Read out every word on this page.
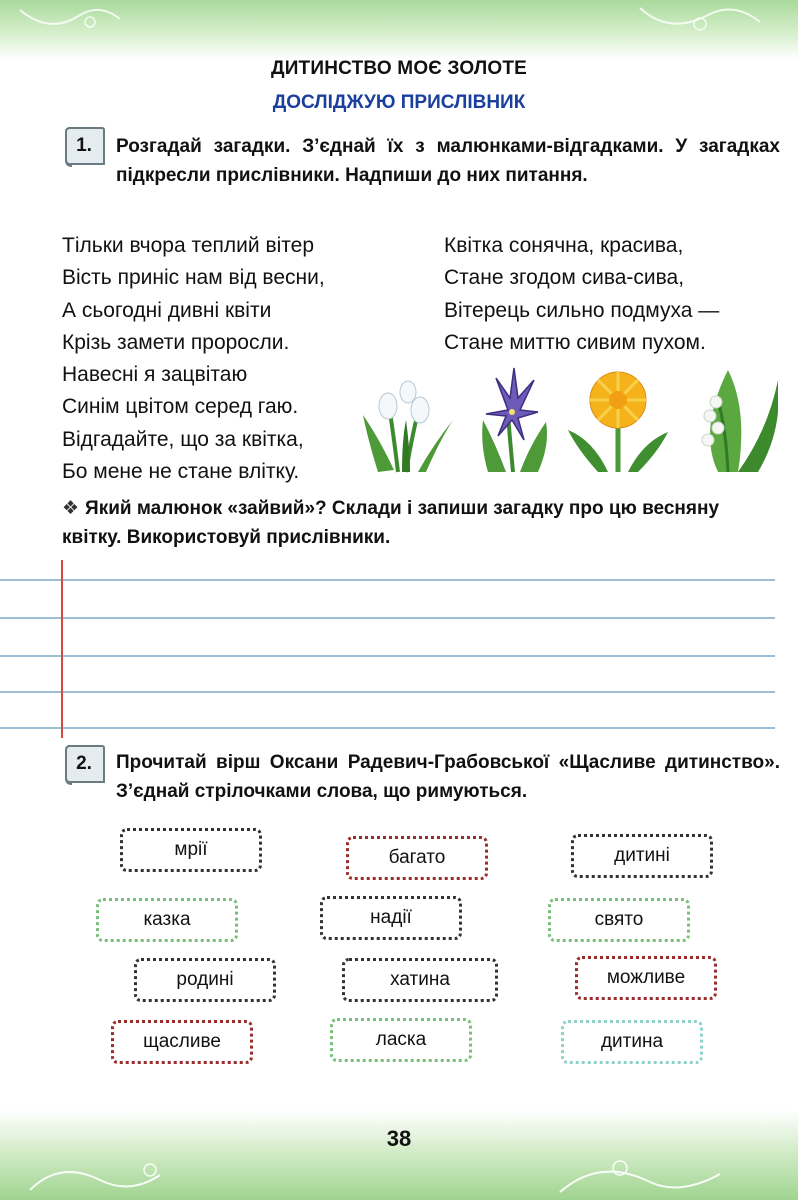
ДИТИНСТВО МОЄ ЗОЛОТЕ
ДОСЛІДЖУЮ ПРИСЛІВНИК
1.	Розгадай загадки. З’єднай їх з малюнками-відгадками. У загадках підкресли прислівники. Надпиши до них питання.
Тільки вчора теплий вітер
Вість приніс нам від весни,
А сьогодні дивні квіти
Крізь замети проросли.
Навесні я зацвітаю
Синім цвітом серед гаю.
Відгадайте, що за квітка,
Бо мене не стане влітку.
Квітка сонячна, красива,
Стане згодом сива-сива,
Вітерець сильно подмуха —
Стане миттю сивим пухом.
❖ Який малюнок «зайвий»? Склади і запиши загадку про цю весняну квітку. Використовуй прислівники.
2.	Прочитай вірш Оксани Радевич-Грабовської «Щасливе дитинство». З’єднай стрілочками слова, що римуються.
мрії	багато	дитині
казка	надії	свято
родині	хатина	можливе
щасливе	ласка	дитина
38
